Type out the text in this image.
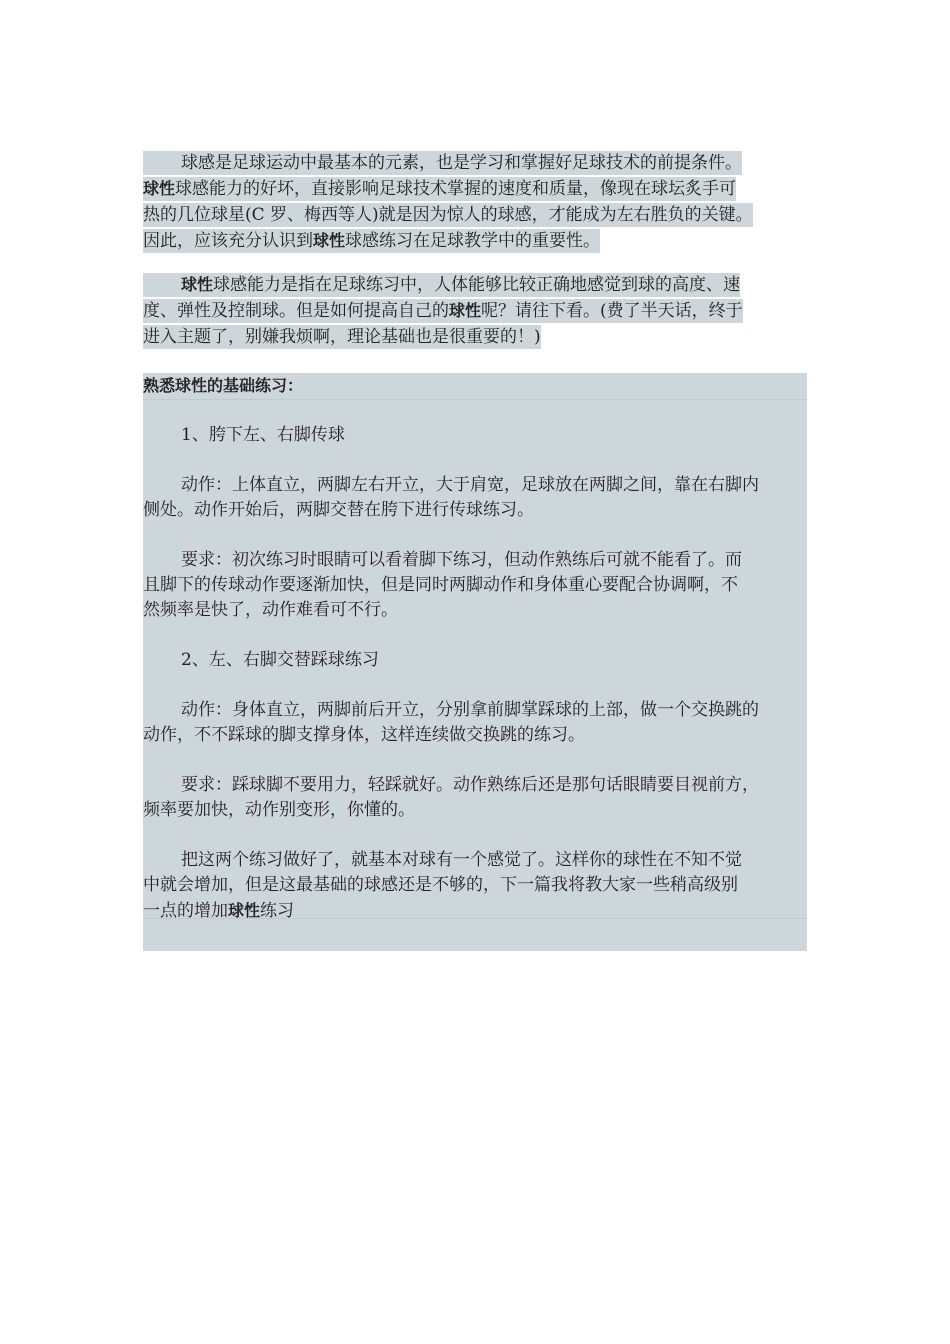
球感是足球运动中最基本的元素，也是学习和掌握好足球技术的前提条件。
球性球感能力的好坏，直接影响足球技术掌握的速度和质量，像现在球坛炙手可
热的几位球星(C 罗、梅西等人)就是因为惊人的球感，才能成为左右胜负的关键。
因此，应该充分认识到球性球感练习在足球教学中的重要性。
球性球感能力是指在足球练习中，人体能够比较正确地感觉到球的高度、速
度、弹性及控制球。但是如何提高自己的球性呢？请往下看。(费了半天话，终于
进入主题了，别嫌我烦啊，理论基础也是很重要的！)
熟悉球性的基础练习：
1、胯下左、右脚传球
动作：上体直立，两脚左右开立，大于肩宽，足球放在两脚之间，靠在右脚内
侧处。动作开始后，两脚交替在胯下进行传球练习。
要求：初次练习时眼睛可以看着脚下练习，但动作熟练后可就不能看了。而
且脚下的传球动作要逐渐加快，但是同时两脚动作和身体重心要配合协调啊，不
然频率是快了，动作难看可不行。
2、左、右脚交替踩球练习
动作：身体直立，两脚前后开立，分别拿前脚掌踩球的上部，做一个交换跳的
动作，不不踩球的脚支撑身体，这样连续做交换跳的练习。
要求：踩球脚不要用力，轻踩就好。动作熟练后还是那句话眼睛要目视前方，
频率要加快，动作别变形，你懂的。
把这两个练习做好了，就基本对球有一个感觉了。这样你的球性在不知不觉
中就会增加，但是这最基础的球感还是不够的，下一篇我将教大家一些稍高级别
一点的增加球性练习
